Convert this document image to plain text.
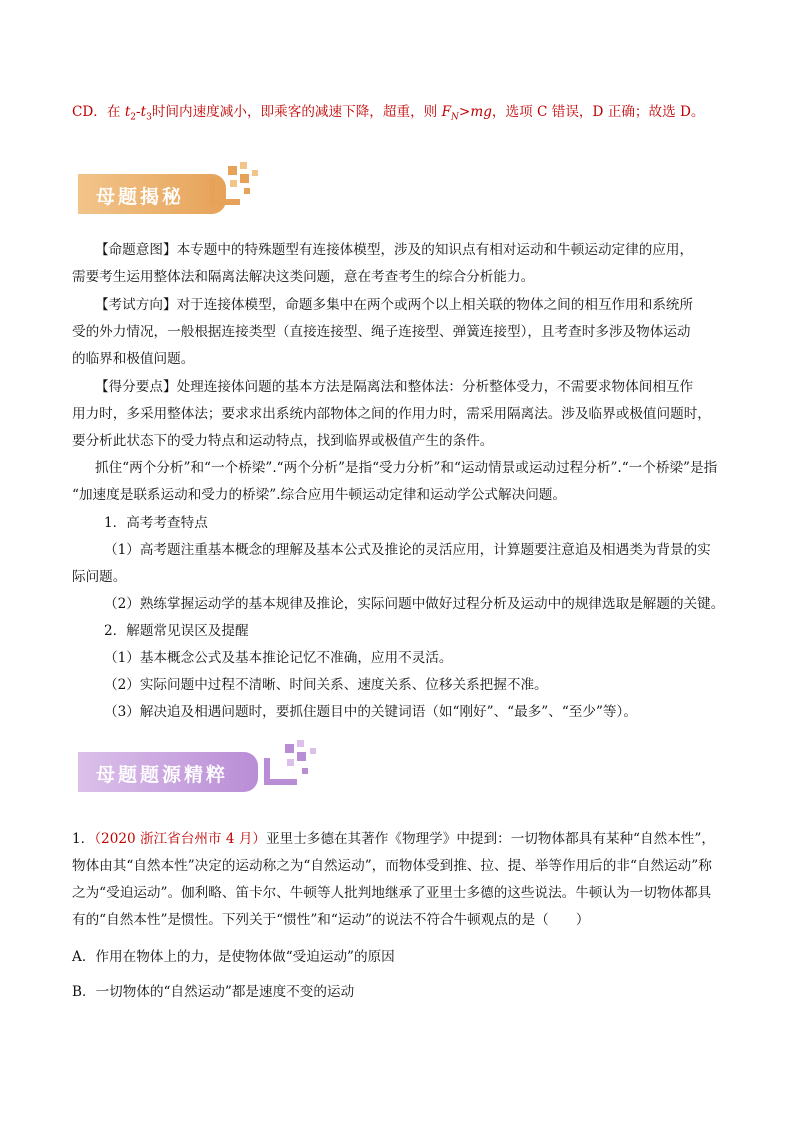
CD．在 $t_2-t_3$时间内速度减小，即乘客的减速下降，超重，则 $F_N>mg$，选项 C 错误，D 正确；故选 D。
母题揭秘
【命题意图】本专题中的特殊题型有连接体模型，涉及的知识点有相对运动和牛顿运动定律的应用，
需要考生运用整体法和隔离法解决这类问题，意在考查考生的综合分析能力。
【考试方向】对于连接体模型，命题多集中在两个或两个以上相关联的物体之间的相互作用和系统所
受的外力情况，一般根据连接类型（直接连接型、绳子连接型、弹簧连接型），且考查时多涉及物体运动
的临界和极值问题。
【得分要点】处理连接体问题的基本方法是隔离法和整体法：分析整体受力，不需要求物体间相互作
用力时，多采用整体法；要求求出系统内部物体之间的作用力时，需采用隔离法。涉及临界或极值问题时，
要分析此状态下的受力特点和运动特点，找到临界或极值产生的条件。
抓住“两个分析”和“一个桥梁”.“两个分析”是指“受力分析”和“运动情景或运动过程分析”.“一个桥梁”是指
“加速度是联系运动和受力的桥梁”.综合应用牛顿运动定律和运动学公式解决问题。
1．高考考查特点
（1）高考题注重基本概念的理解及基本公式及推论的灵活应用，计算题要注意追及相遇类为背景的实
际问题。
（2）熟练掌握运动学的基本规律及推论，实际问题中做好过程分析及运动中的规律选取是解题的关键。
2．解题常见误区及提醒
（1）基本概念公式及基本推论记忆不准确，应用不灵活。
（2）实际问题中过程不清晰、时间关系、速度关系、位移关系把握不准。
（3）解决追及相遇问题时，要抓住题目中的关键词语（如“刚好”、“最多”、“至少”等）。
母题题源精粹
1．（2020 浙江省台州市 4 月）亚里士多德在其著作《物理学》中提到：一切物体都具有某种“自然本性”，
物体由其“自然本性”决定的运动称之为“自然运动”，而物体受到推、拉、提、举等作用后的非“自然运动”称
之为“受迫运动”。伽利略、笛卡尔、牛顿等人批判地继承了亚里士多德的这些说法。牛顿认为一切物体都具
有的“自然本性”是惯性。下列关于“惯性”和“运动”的说法不符合牛顿观点的是（　　）
A．作用在物体上的力，是使物体做“受迫运动”的原因
B．一切物体的“自然运动”都是速度不变的运动
